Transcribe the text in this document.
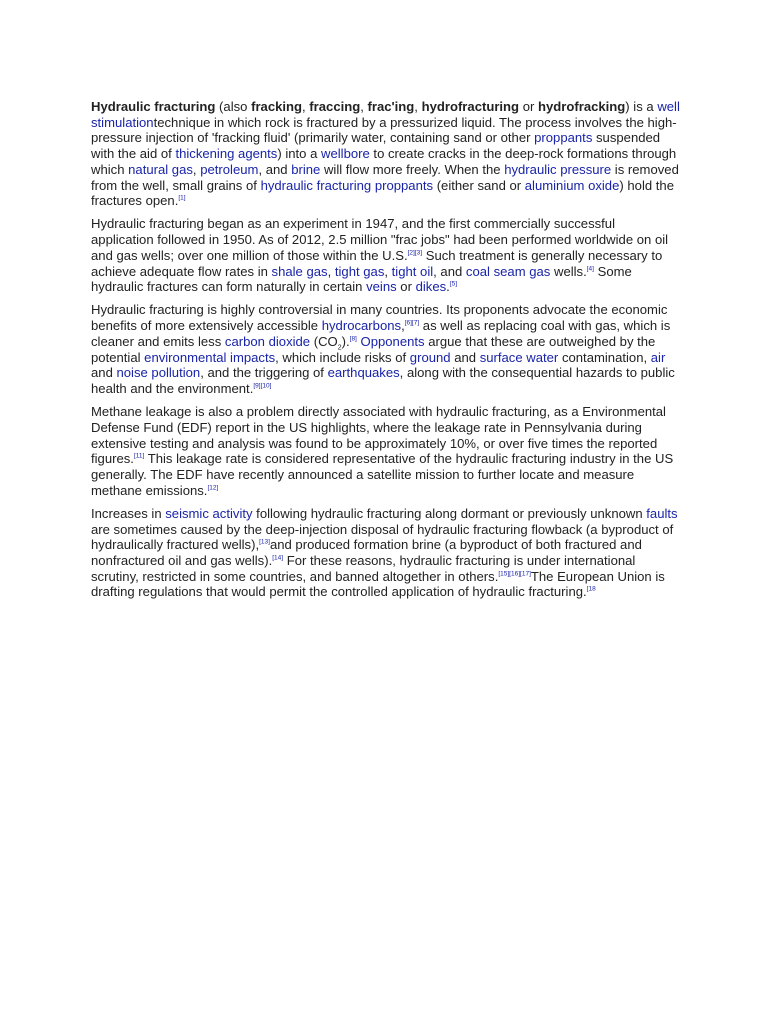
Hydraulic fracturing (also fracking, fraccing, frac'ing, hydrofracturing or hydrofracking) is a well stimulationtechnique in which rock is fractured by a pressurized liquid. The process involves the high-pressure injection of 'fracking fluid' (primarily water, containing sand or other proppants suspended with the aid of thickening agents) into a wellbore to create cracks in the deep-rock formations through which natural gas, petroleum, and brine will flow more freely. When the hydraulic pressure is removed from the well, small grains of hydraulic fracturing proppants (either sand or aluminium oxide) hold the fractures open.[1]

Hydraulic fracturing began as an experiment in 1947, and the first commercially successful application followed in 1950. As of 2012, 2.5 million "frac jobs" had been performed worldwide on oil and gas wells; over one million of those within the U.S.[2][3] Such treatment is generally necessary to achieve adequate flow rates in shale gas, tight gas, tight oil, and coal seam gas wells.[4] Some hydraulic fractures can form naturally in certain veins or dikes.[5]

Hydraulic fracturing is highly controversial in many countries. Its proponents advocate the economic benefits of more extensively accessible hydrocarbons,[6][7] as well as replacing coal with gas, which is cleaner and emits less carbon dioxide $(CO_2).[8]$ Opponents argue that these are outweighed by the potential environmental impacts, which include risks of ground and surface water contamination, air and noise pollution, and the triggering of earthquakes, along with the consequential hazards to public health and the environment.[9][10]

Methane leakage is also a problem directly associated with hydraulic fracturing, as a Environmental Defense Fund (EDF) report in the US highlights, where the leakage rate in Pennsylvania during extensive testing and analysis was found to be approximately 10%, or over five times the reported figures.[11] This leakage rate is considered representative of the hydraulic fracturing industry in the US generally. The EDF have recently announced a satellite mission to further locate and measure methane emissions.[12]

Increases in seismic activity following hydraulic fracturing along dormant or previously unknown faults are sometimes caused by the deep-injection disposal of hydraulic fracturing flowback (a byproduct of hydraulically fractured wells),[13]and produced formation brine (a byproduct of both fractured and nonfractured oil and gas wells).[14] For these reasons, hydraulic fracturing is under international scrutiny, restricted in some countries, and banned altogether in others.[15][16][17]The European Union is drafting regulations that would permit the controlled application of hydraulic fracturing.$^{[18}$
